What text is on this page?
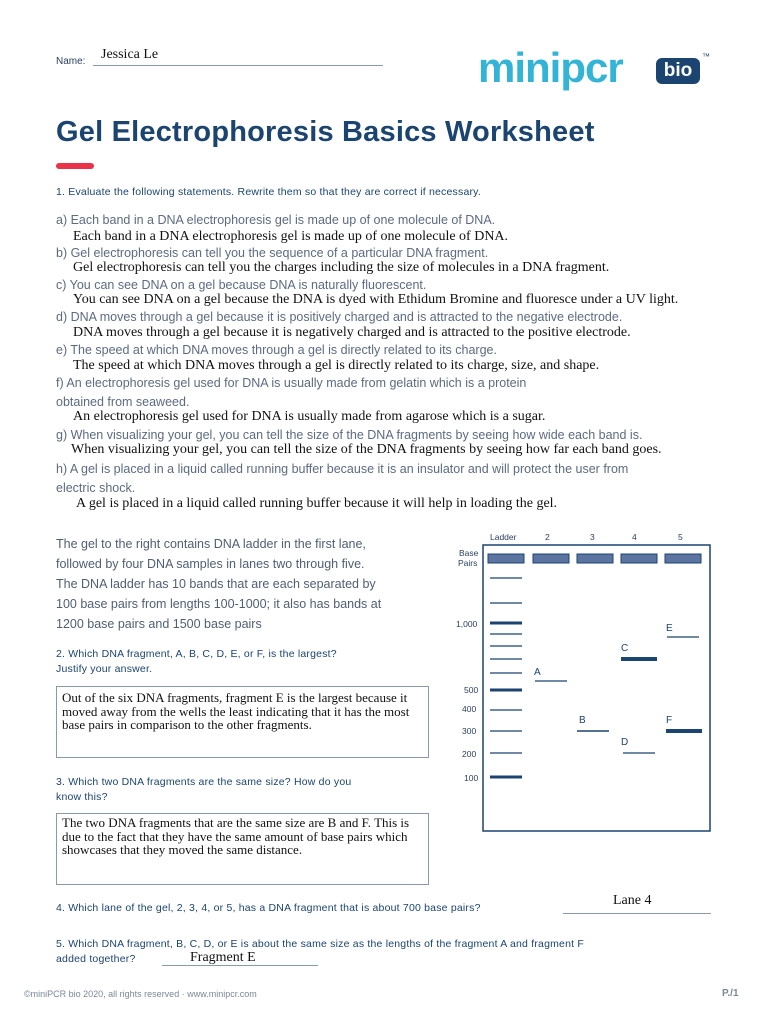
Name: Jessica Le	minipcr	bio
™
Gel Electrophoresis Basics Worksheet
1. Evaluate the following statements. Rewrite them so that they are correct if necessary.
a) Each band in a DNA electrophoresis gel is made up of one molecule of DNA.
Each band in a DNA electrophoresis gel is made up of one molecule of DNA.
b) Gel electrophoresis can tell you the sequence of a particular DNA fragment.
Gel electrophoresis can tell you the charges including the size of molecules in a DNA fragment.
c) You can see DNA on a gel because DNA is naturally fluorescent.
You can see DNA on a gel because the DNA is dyed with Ethidum Bromine and fluoresce under a UV light.
d) DNA moves through a gel because it is positively charged and is attracted to the negative electrode.
DNA moves through a gel because it is negatively charged and is attracted to the positive electrode.
e) The speed at which DNA moves through a gel is directly related to its charge.
The speed at which DNA moves through a gel is directly related to its charge, size, and shape.
f) An electrophoresis gel used for DNA is usually made from gelatin which is a protein
obtained from seaweed.
An electrophoresis gel used for DNA is usually made from agarose which is a sugar.
g) When visualizing your gel, you can tell the size of the DNA fragments by seeing how wide each band is.
When visualizing your gel, you can tell the size of the DNA fragments by seeing how far each band goes.
h) A gel is placed in a liquid called running buffer because it is an insulator and will protect the user from
electric shock.
A gel is placed in a liquid called running buffer because it will help in loading the gel.
The gel to the right contains DNA ladder in the first lane,
followed by four DNA samples in lanes two through five.
The DNA ladder has 10 bands that are each separated by
100 base pairs from lengths 100-1000; it also has bands at
1200 base pairs and 1500 base pairs
2. Which DNA fragment, A, B, C, D, E, or F, is the largest?
Justify your answer.
Out of the six DNA fragments, fragment E is the largest because it moved away from the wells the least indicating that it has the most base pairs in comparison to the other fragments.
3. Which two DNA fragments are the same size? How do you
know this?
The two DNA fragments that are the same size are B and F. This is due to the fact that they have the same amount of base pairs which showcases that they moved the same distance.
4. Which lane of the gel, 2, 3, 4, or 5, has a DNA fragment that is about 700 base pairs?	Lane 4
5. Which DNA fragment, B, C, D, or E is about the same size as the lengths of the fragment A and fragment F
added together?	Fragment E
Ladder	2	3	4	5
Base
Pairs
1,000
500
400
300
200
100
A
B
C
D
E
F
©miniPCR bio 2020, all rights reserved · www.minipcr.com	P./1
